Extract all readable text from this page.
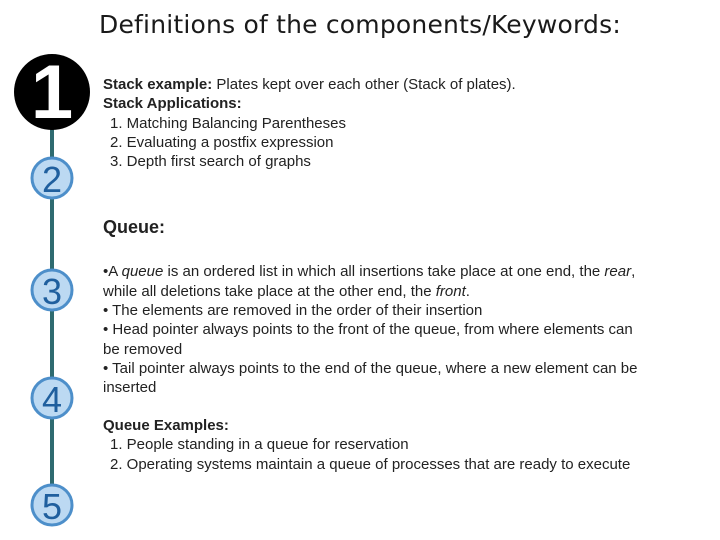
Definitions of the components/Keywords:
1
2
3
4
5
Stack example: Plates kept over each other (Stack of plates).
Stack Applications:
1. Matching Balancing Parentheses
2. Evaluating a postfix expression
3. Depth first search of graphs
Queue:
•A queue is an ordered list in which all insertions take place at one end, the rear,
while all deletions take place at the other end, the front.
• The elements are removed in the order of their insertion
• Head pointer always points to the front of the queue, from where elements can
be removed
• Tail pointer always points to the end of the queue, where a new element can be
inserted
Queue Examples:
1. People standing in a queue for reservation
2. Operating systems maintain a queue of processes that are ready to execute
